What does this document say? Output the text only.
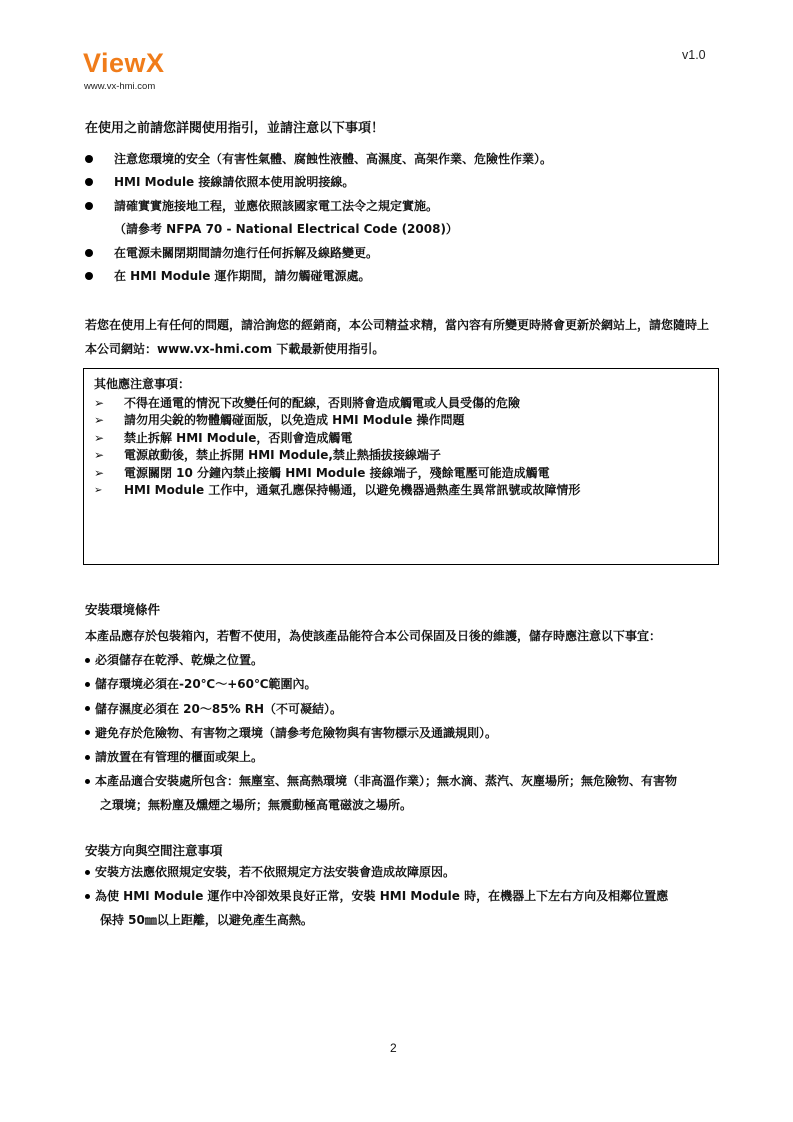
ViewX
www.vx-hmi.com
v1.0
在使用之前請您詳閱使用指引，並請注意以下事項！
注意您環境的安全（有害性氣體、腐蝕性液體、高濕度、高架作業、危險性作業）。
HMI Module 接線請依照本使用說明接線。
請確實實施接地工程，並應依照該國家電工法令之規定實施。
（請參考 NFPA 70 - National Electrical Code (2008)）
在電源未關閉期間請勿進行任何拆解及線路變更。
在 HMI Module 運作期間，請勿觸碰電源處。
若您在使用上有任何的問題，請洽詢您的經銷商，本公司精益求精，當內容有所變更時將會更新於網站上，請您隨時上本公司網站：www.vx-hmi.com 下載最新使用指引。
其他應注意事項：
➢	不得在通電的情況下改變任何的配線，否則將會造成觸電或人員受傷的危險
➢	請勿用尖銳的物體觸碰面版，以免造成 HMI Module 操作問題
➢	禁止拆解 HMI Module，否則會造成觸電
➢	電源啟動後，禁止拆開 HMI Module,禁止熱插拔接線端子
➢	電源關閉 10 分鐘內禁止接觸 HMI Module 接線端子，殘餘電壓可能造成觸電
➢	HMI Module 工作中，通氣孔應保持暢通，以避免機器過熱產生異常訊號或故障情形
安裝環境條件
本產品應存於包裝箱內，若暫不使用，為使該產品能符合本公司保固及日後的維護，儲存時應注意以下事宜：
必須儲存在乾淨、乾燥之位置。
儲存環境必須在-20℃～+60℃範圍內。
儲存濕度必須在 20～85% RH（不可凝結）。
避免存於危險物、有害物之環境（請參考危險物與有害物標示及通識規則）。
請放置在有管理的櫃面或架上。
本產品適合安裝處所包含：無塵室、無高熱環境（非高溫作業）；無水滴、蒸汽、灰塵場所；無危險物、有害物
之環境；無粉塵及燻煙之場所；無震動極高電磁波之場所。
安裝方向與空間注意事項
安裝方法應依照規定安裝，若不依照規定方法安裝會造成故障原因。
為使 HMI Module 運作中冷卻效果良好正常，安裝 HMI Module 時，在機器上下左右方向及相鄰位置應
保持 50㎜以上距離，以避免產生高熱。
2
